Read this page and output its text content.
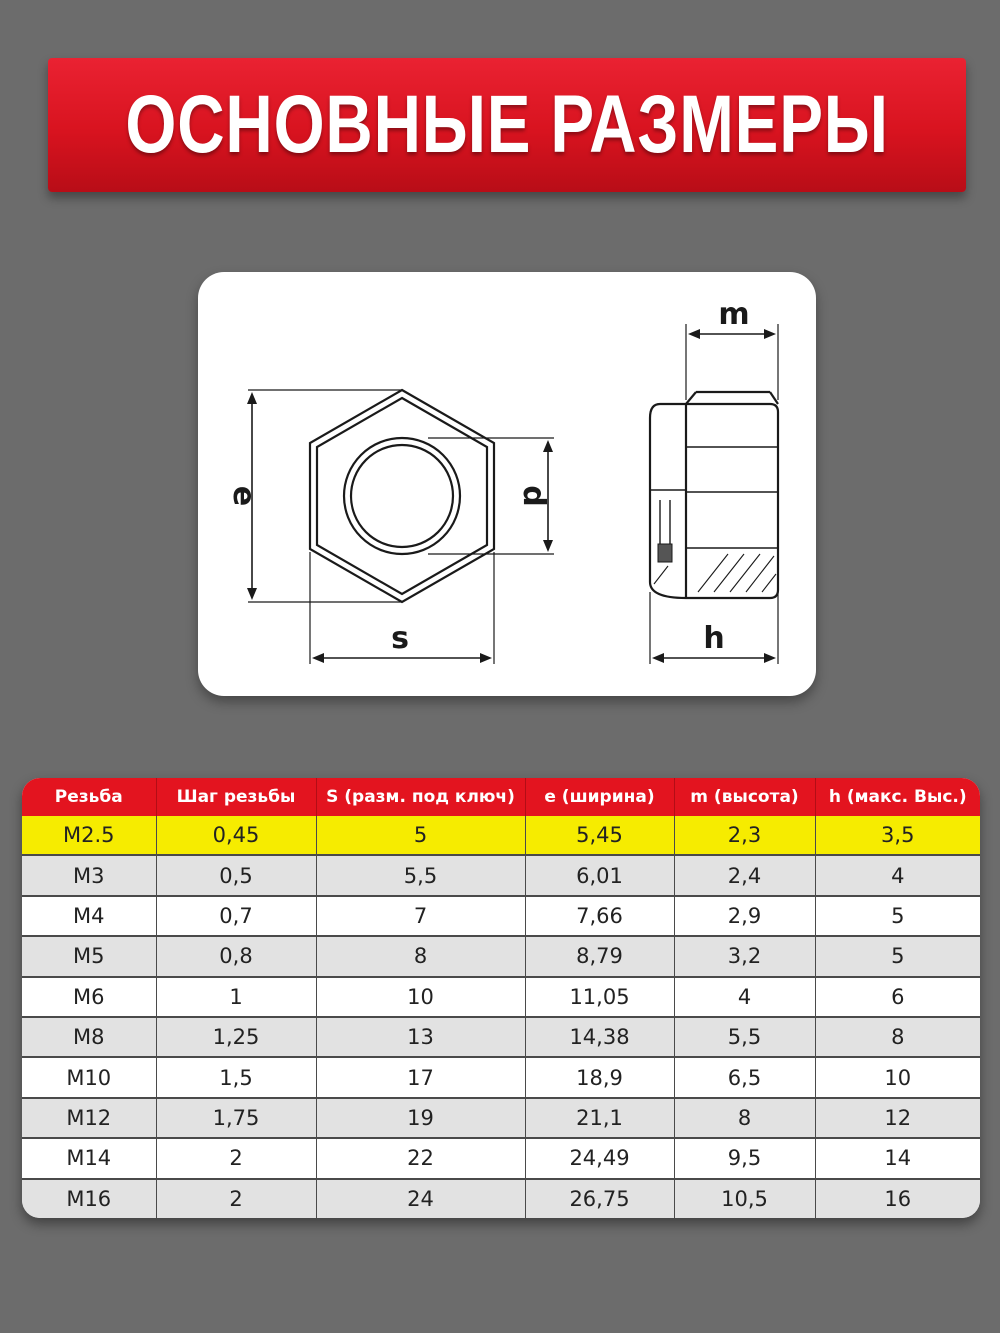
ОСНОВНЫЕ РАЗМЕРЫ
e	d
s
m
h
Резьба	Шаг резьбы	S (разм. под ключ)	e (ширина)	m (высота)	h (макс. Выс.)
M2.5	0,45	5	5,45	2,3	3,5
M3	0,5	5,5	6,01	2,4	4
M4	0,7	7	7,66	2,9	5
M5	0,8	8	8,79	3,2	5
M6	1	10	11,05	4	6
M8	1,25	13	14,38	5,5	8
M10	1,5	17	18,9	6,5	10
M12	1,75	19	21,1	8	12
M14	2	22	24,49	9,5	14
M16	2	24	26,75	10,5	16
